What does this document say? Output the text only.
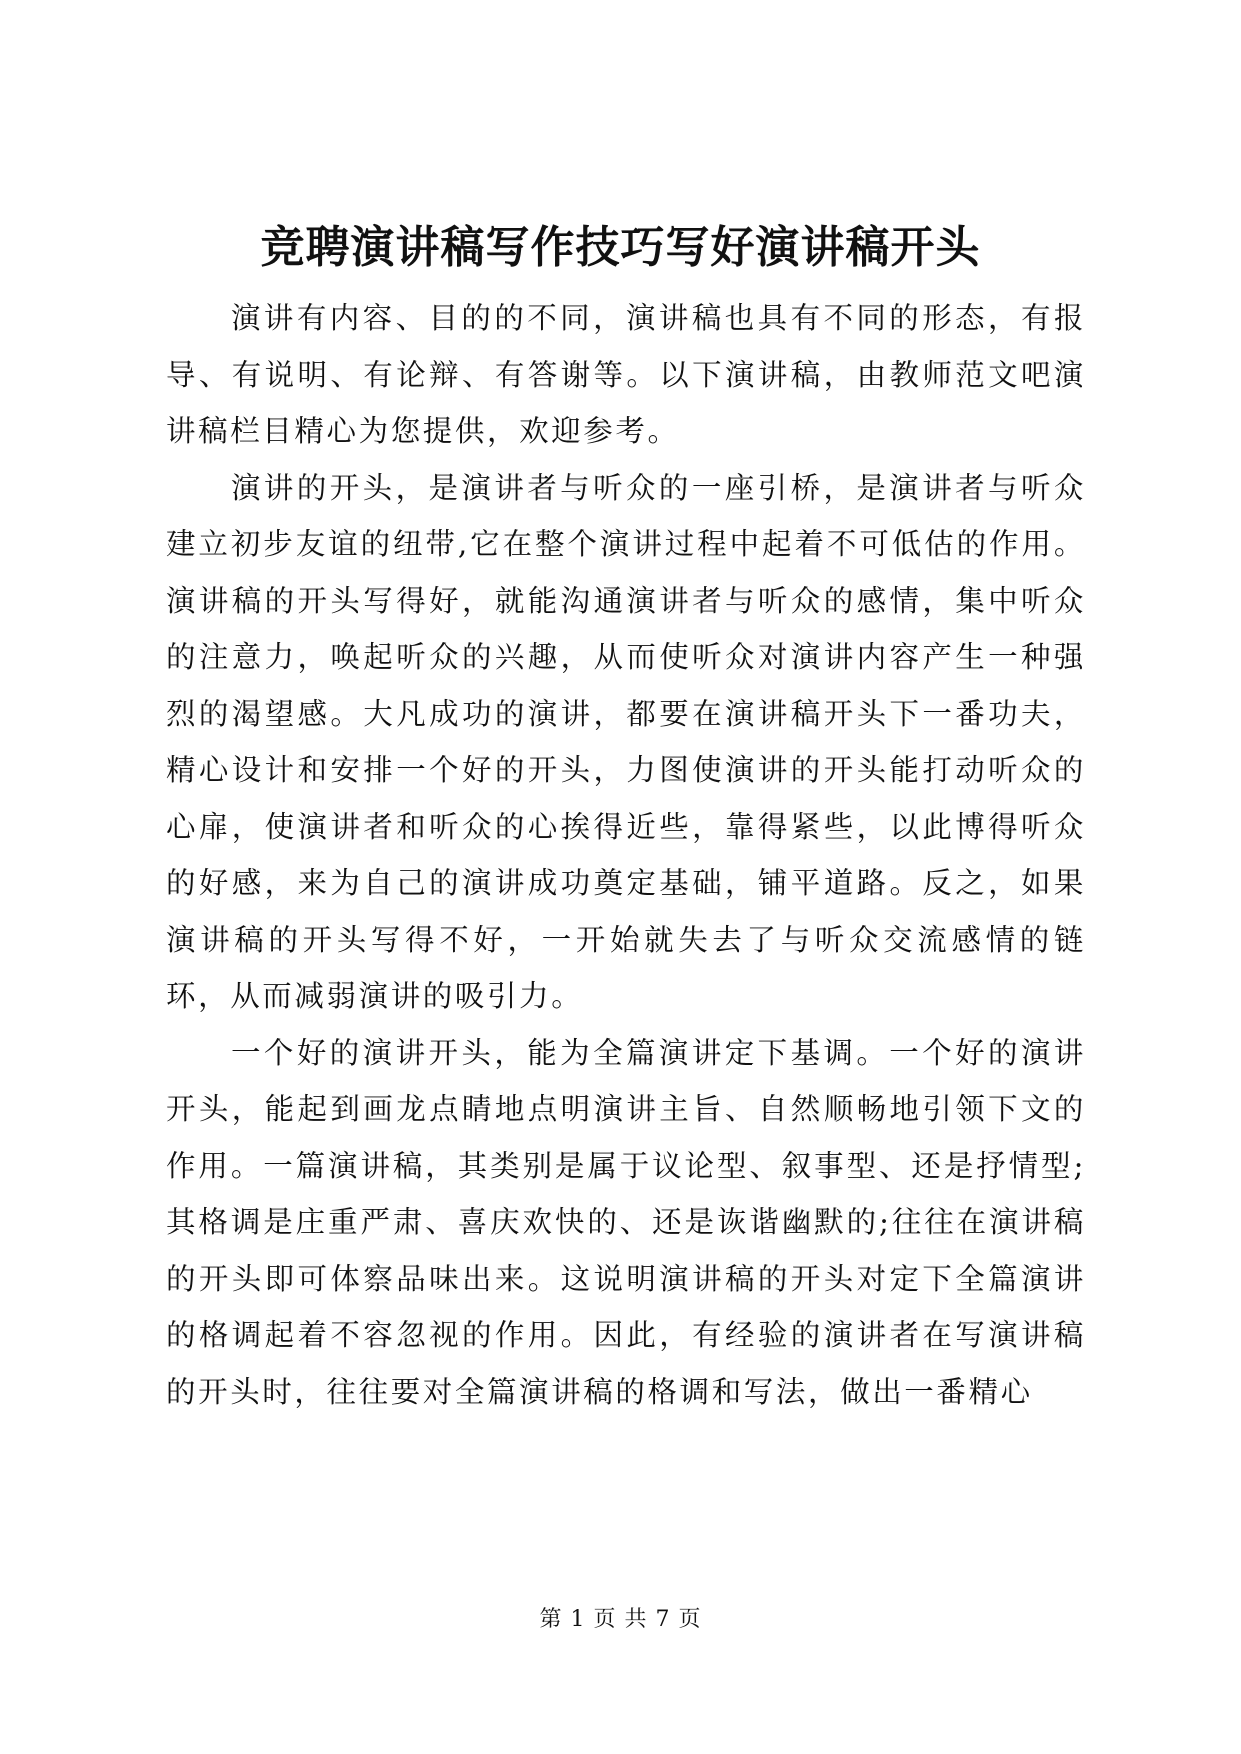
竞聘演讲稿写作技巧写好演讲稿开头

演讲有内容、目的的不同，演讲稿也具有不同的形态，有报导、有说明、有论辩、有答谢等。以下演讲稿，由教师范文吧演讲稿栏目精心为您提供，欢迎参考。

演讲的开头，是演讲者与听众的一座引桥，是演讲者与听众建立初步友谊的纽带,它在整个演讲过程中起着不可低估的作用。演讲稿的开头写得好，就能沟通演讲者与听众的感情，集中听众的注意力，唤起听众的兴趣，从而使听众对演讲内容产生一种强烈的渴望感。大凡成功的演讲，都要在演讲稿开头下一番功夫，精心设计和安排一个好的开头，力图使演讲的开头能打动听众的心扉，使演讲者和听众的心挨得近些，靠得紧些，以此博得听众的好感，来为自己的演讲成功奠定基础，铺平道路。反之，如果演讲稿的开头写得不好，一开始就失去了与听众交流感情的链环，从而减弱演讲的吸引力。

一个好的演讲开头，能为全篇演讲定下基调。一个好的演讲开头，能起到画龙点睛地点明演讲主旨、自然顺畅地引领下文的作用。一篇演讲稿，其类别是属于议论型、叙事型、还是抒情型;其格调是庄重严肃、喜庆欢快的、还是诙谐幽默的;往往在演讲稿的开头即可体察品味出来。这说明演讲稿的开头对定下全篇演讲的格调起着不容忽视的作用。因此，有经验的演讲者在写演讲稿的开头时，往往要对全篇演讲稿的格调和写法，做出一番精心

第 1 页 共 7 页
